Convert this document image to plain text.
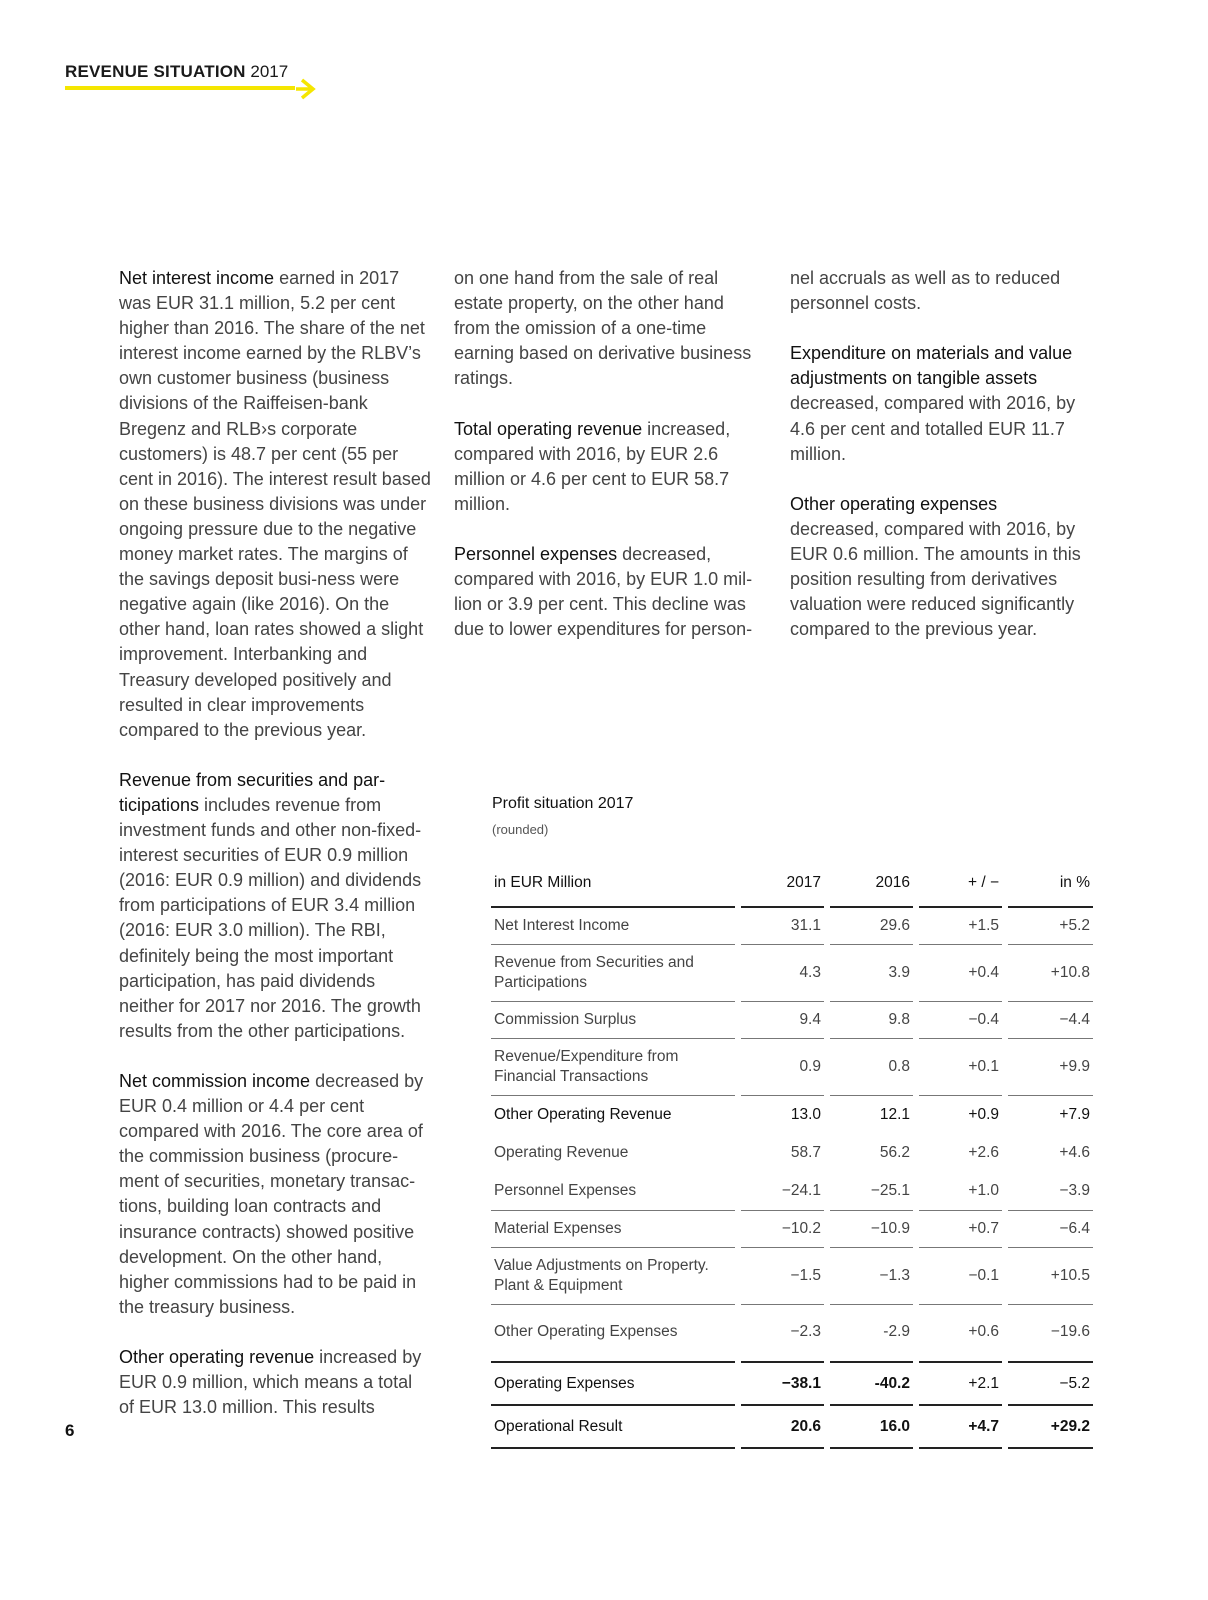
REVENUE SITUATION 2017

Net interest income earned in 2017 was EUR 31.1 million, 5.2 per cent higher than 2016. The share of the net interest income earned by the RLBV’s own customer business (business divisions of the Raiffeisen-bank Bregenz and RLB›s corporate customers) is 48.7 per cent (55 per cent in 2016). The interest result based on these business divisions was under ongoing pressure due to the negative money market rates. The margins of the savings deposit busi-ness were negative again (like 2016). On the other hand, loan rates showed a slight improvement. Interbanking and Treasury developed positively and resulted in clear improvements compared to the previous year.

Revenue from securities and par-ticipations includes revenue from investment funds and other non-fixed-interest securities of EUR 0.9 million (2016: EUR 0.9 million) and dividends from participations of EUR 3.4 million (2016: EUR 3.0 million). The RBI, definitely being the most important participation, has paid dividends neither for 2017 nor 2016. The growth results from the other participations.

Net commission income decreased by EUR 0.4 million or 4.4 per cent compared with 2016. The core area of the commission business (procure-ment of securities, monetary transac-tions, building loan contracts and insurance contracts) showed positive development. On the other hand, higher commissions had to be paid in the treasury business.

Other operating revenue increased by EUR 0.9 million, which means a total of EUR 13.0 million. This results

on one hand from the sale of real estate property, on the other hand from the omission of a one-time earning based on derivative business ratings.

Total operating revenue increased, compared with 2016, by EUR 2.6 million or 4.6 per cent to EUR 58.7 million.

Personnel expenses decreased, compared with 2016, by EUR 1.0 mil-lion or 3.9 per cent. This decline was due to lower expenditures for person-

nel accruals as well as to reduced personnel costs.

Expenditure on materials and value adjustments on tangible assets
decreased, compared with 2016, by 4.6 per cent and totalled EUR 11.7 million.

Other operating expenses
decreased, compared with 2016, by EUR 0.6 million. The amounts in this position resulting from derivatives valuation were reduced significantly compared to the previous year.

Profit situation 2017
(rounded)
in EUR Million		2017		2016		+ / −		in %
Net Interest Income		31.1		29.6		+1.5		+5.2
Revenue from Securities and Participations		4.3		3.9		+0.4		+10.8
Commission Surplus		9.4		9.8		−0.4		−4.4
Revenue/Expenditure from Financial Transactions		0.9		0.8		+0.1		+9.9
Other Operating Revenue		13.0		12.1		+0.9		+7.9
Operating Revenue		58.7		56.2		+2.6		+4.6
Personnel Expenses		−24.1		−25.1		+1.0		−3.9
Material Expenses		−10.2		−10.9		+0.7		−6.4
Value Adjustments on Property. Plant & Equipment		−1.5		−1.3		−0.1		+10.5
Other Operating Expenses		−2.3		-2.9		+0.6		−19.6
Operating Expenses		−38.1		-40.2		+2.1		−5.2
Operational Result		20.6		16.0		+4.7		+29.2
6
